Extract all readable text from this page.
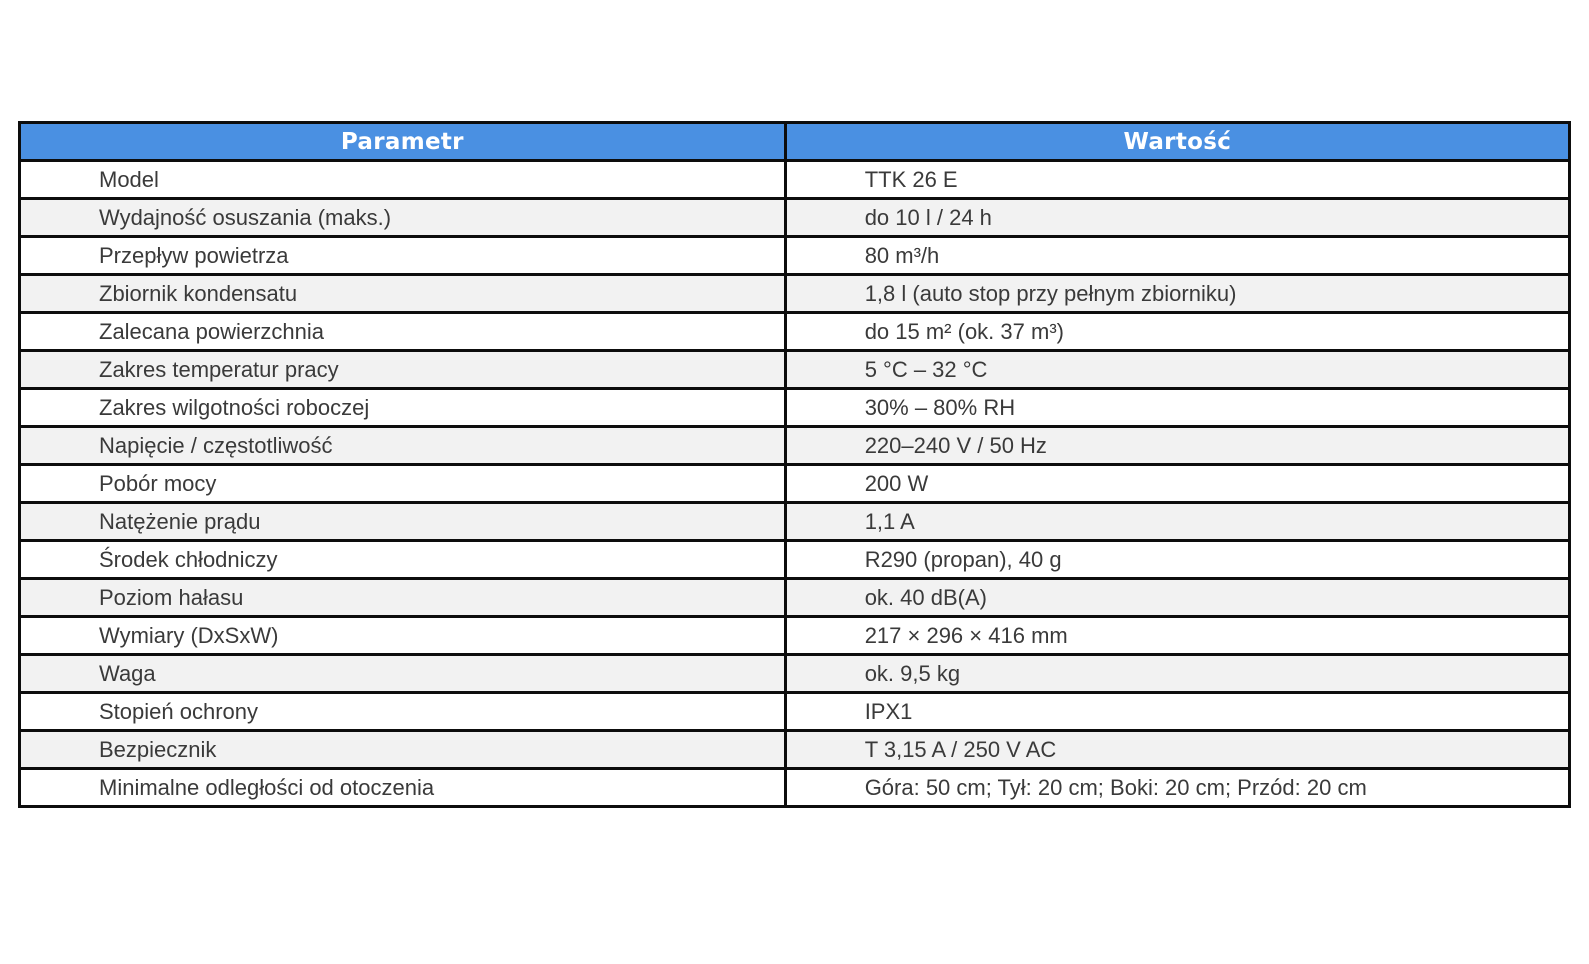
Parametr	Wartość
Model	TTK 26 E
Wydajność osuszania (maks.)	do 10 l / 24 h
Przepływ powietrza	80 m³/h
Zbiornik kondensatu	1,8 l (auto stop przy pełnym zbiorniku)
Zalecana powierzchnia	do 15 m² (ok. 37 m³)
Zakres temperatur pracy	5 °C – 32 °C
Zakres wilgotności roboczej	30% – 80% RH
Napięcie / częstotliwość	220–240 V / 50 Hz
Pobór mocy	200 W
Natężenie prądu	1,1 A
Środek chłodniczy	R290 (propan), 40 g
Poziom hałasu	ok. 40 dB(A)
Wymiary (DxSxW)	217 × 296 × 416 mm
Waga	ok. 9,5 kg
Stopień ochrony	IPX1
Bezpiecznik	T 3,15 A / 250 V AC
Minimalne odległości od otoczenia	Góra: 50 cm; Tył: 20 cm; Boki: 20 cm; Przód: 20 cm
